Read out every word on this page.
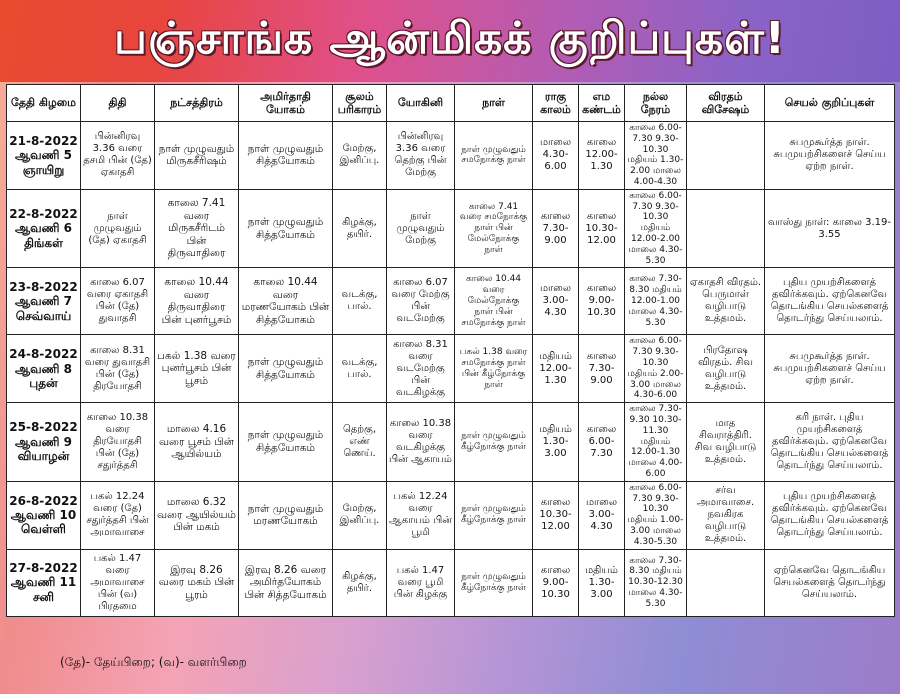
பஞ்சாங்க ஆன்மிகக் குறிப்புகள்!
தேதி கிழமை	திதி	நட்சத்திரம்	அமிர்தாதி யோகம்	சூலம் பரிகாரம்	யோகினி	நாள்	ராகு காலம்	எம கண்டம்	நல்ல நேரம்	விரதம் விசேஷம்	செயல் குறிப்புகள்
21-8-2022 ஆவணி 5 ஞாயிறு	பின்னிரவு 3.36 வரை தசமி பின் (தே) ஏகாதசி	நாள் முழுவதும் மிருகசீரிஷம்	நாள் முழுவதும் சித்தயோகம்	மேற்கு, இனிப்பு.	பின்னிரவு 3.36 வரை தெற்கு பின் மேற்கு	நாள் முழுவதும் சமநோக்கு நாள்	மாலை 4.30-6.00	காலை 12.00-1.30	காலை 6.00-7.30 9.30-10.30 மதியம் 1.30-2.00 மாலை 4.00-4.30		சுபமுகூர்த்த நாள். சுபமுயற்சிகளைச் செய்ய ஏற்ற நாள்.
22-8-2022 ஆவணி 6 திங்கள்	நாள் முழுவதும் (தே) ஏகாதசி	காலை 7.41 வரை மிருகசீரிடம் பின் திருவாதிரை	நாள் முழுவதும் சித்தயோகம்	கிழக்கு, தயிர்.	நாள் முழுவதும் மேற்கு	காலை 7.41 வரை சமநோக்கு நாள் பின் மேல்நோக்கு நாள்	காலை 7.30-9.00	காலை 10.30-12.00	காலை 6.00-7.30 9.30-10.30 மதியம் 12.00-2.00 மாலை 4.30-5.30		வாஸ்து நாள்: காலை 3.19-3.55
23-8-2022 ஆவணி 7 செவ்வாய்	காலை 6.07 வரை ஏகாதசி பின் (தே) துவாதசி	காலை 10.44 வரை திருவாதிரை பின் புனர்பூசம்	காலை 10.44 வரை மரணயோகம் பின் சித்தயோகம்	வடக்கு, பால்.	காலை 6.07 வரை மேற்கு பின் வடமேற்கு	காலை 10.44 வரை மேல்நோக்கு நாள் பின் சமநோக்கு நாள்	மாலை 3.00-4.30	காலை 9.00-10.30	காலை 7.30-8.30 மதியம் 12.00-1.00 மாலை 4.30-5.30	ஏகாதசி விரதம். பெருமாள் வழிபாடு உத்தமம்.	புதிய முயற்சிகளைத் தவிர்க்கவும். ஏற்கெனவே தொடங்கிய செயல்களைத் தொடர்ந்து செய்யலாம்.
24-8-2022 ஆவணி 8 புதன்	காலை 8.31 வரை துவாதசி பின் (தே) திரயோதசி	பகல் 1.38 வரை புனர்பூசம் பின் பூசம்	நாள் முழுவதும் சித்தயோகம்	வடக்கு, பால்.	காலை 8.31 வரை வடமேற்கு பின் வடகிழக்கு	பகல் 1.38 வரை சமநோக்கு நாள் பின் கீழ்நோக்கு நாள்	மதியம் 12.00-1.30	காலை 7.30-9.00	காலை 6.00-7.30 9.30-10.30 மதியம் 2.00-3.00 மாலை 4.30-6.00	பிரதோஷ விரதம். சிவ வழிபாடு உத்தமம்.	சுபமுகூர்த்த நாள். சுபமுயற்சிகளைச் செய்ய ஏற்ற நாள்.
25-8-2022 ஆவணி 9 வியாழன்	காலை 10.38 வரை திரயோதசி பின் (தே) சதுர்த்தசி	மாலை 4.16 வரை பூசம் பின் ஆயில்யம்	நாள் முழுவதும் சித்தயோகம்	தெற்கு, எண் ணெய்.	காலை 10.38 வரை வடகிழக்கு பின் ஆகாயம்	நாள் முழுவதும் கீழ்நோக்கு நாள்	மதியம் 1.30-3.00	காலை 6.00-7.30	காலை 7.30-9.30 10.30-11.30 மதியம் 12.00-1.30 மாலை 4.00-6.00	மாத சிவராத்திரி. சிவ வழிபாடு உத்தமம்.	கரி நாள். புதிய முயற்சிகளைத் தவிர்க்கவும். ஏற்கெனவே தொடங்கிய செயல்களைத் தொடர்ந்து செய்யலாம்.
26-8-2022 ஆவணி 10 வெள்ளி	பகல் 12.24 வரை (தே) சதுர்த்தசி பின் அமாவாசை	மாலை 6.32 வரை ஆயில்யம் பின் மகம்	நாள் முழுவதும் மரணயோகம்	மேற்கு, இனிப்பு.	பகல் 12.24 வரை ஆகாயம் பின் பூமி	நாள் முழுவதும் கீழ்நோக்கு நாள்	காலை 10.30-12.00	மாலை 3.00-4.30	காலை 6.00-7.30 9.30-10.30 மதியம் 1.00-3.00 மாலை 4.30-5.30	சர்வ அமாவாசை. நவகிரக வழிபாடு உத்தமம்.	புதிய முயற்சிகளைத் தவிர்க்கவும். ஏற்கெனவே தொடங்கிய செயல்களைத் தொடர்ந்து செய்யலாம்.
27-8-2022 ஆவணி 11 சனி	பகல் 1.47 வரை அமாவாசை பின் (வ) பிரதமை	இரவு 8.26 வரை மகம் பின் பூரம்	இரவு 8.26 வரை அமிர்தயோகம் பின் சித்தயோகம்	கிழக்கு, தயிர்.	பகல் 1.47 வரை பூமி பின் கிழக்கு	நாள் முழுவதும் கீழ்நோக்கு நாள்	காலை 9.00-10.30	மதியம் 1.30-3.00	காலை 7.30-8.30 மதியம் 10.30-12.30 மாலை 4.30-5.30		ஏற்கெனவே தொடங்கிய செயல்களைத் தொடர்ந்து செய்யலாம்.
(தே)- தேய்பிறை; (வ)- வளர்பிறை
